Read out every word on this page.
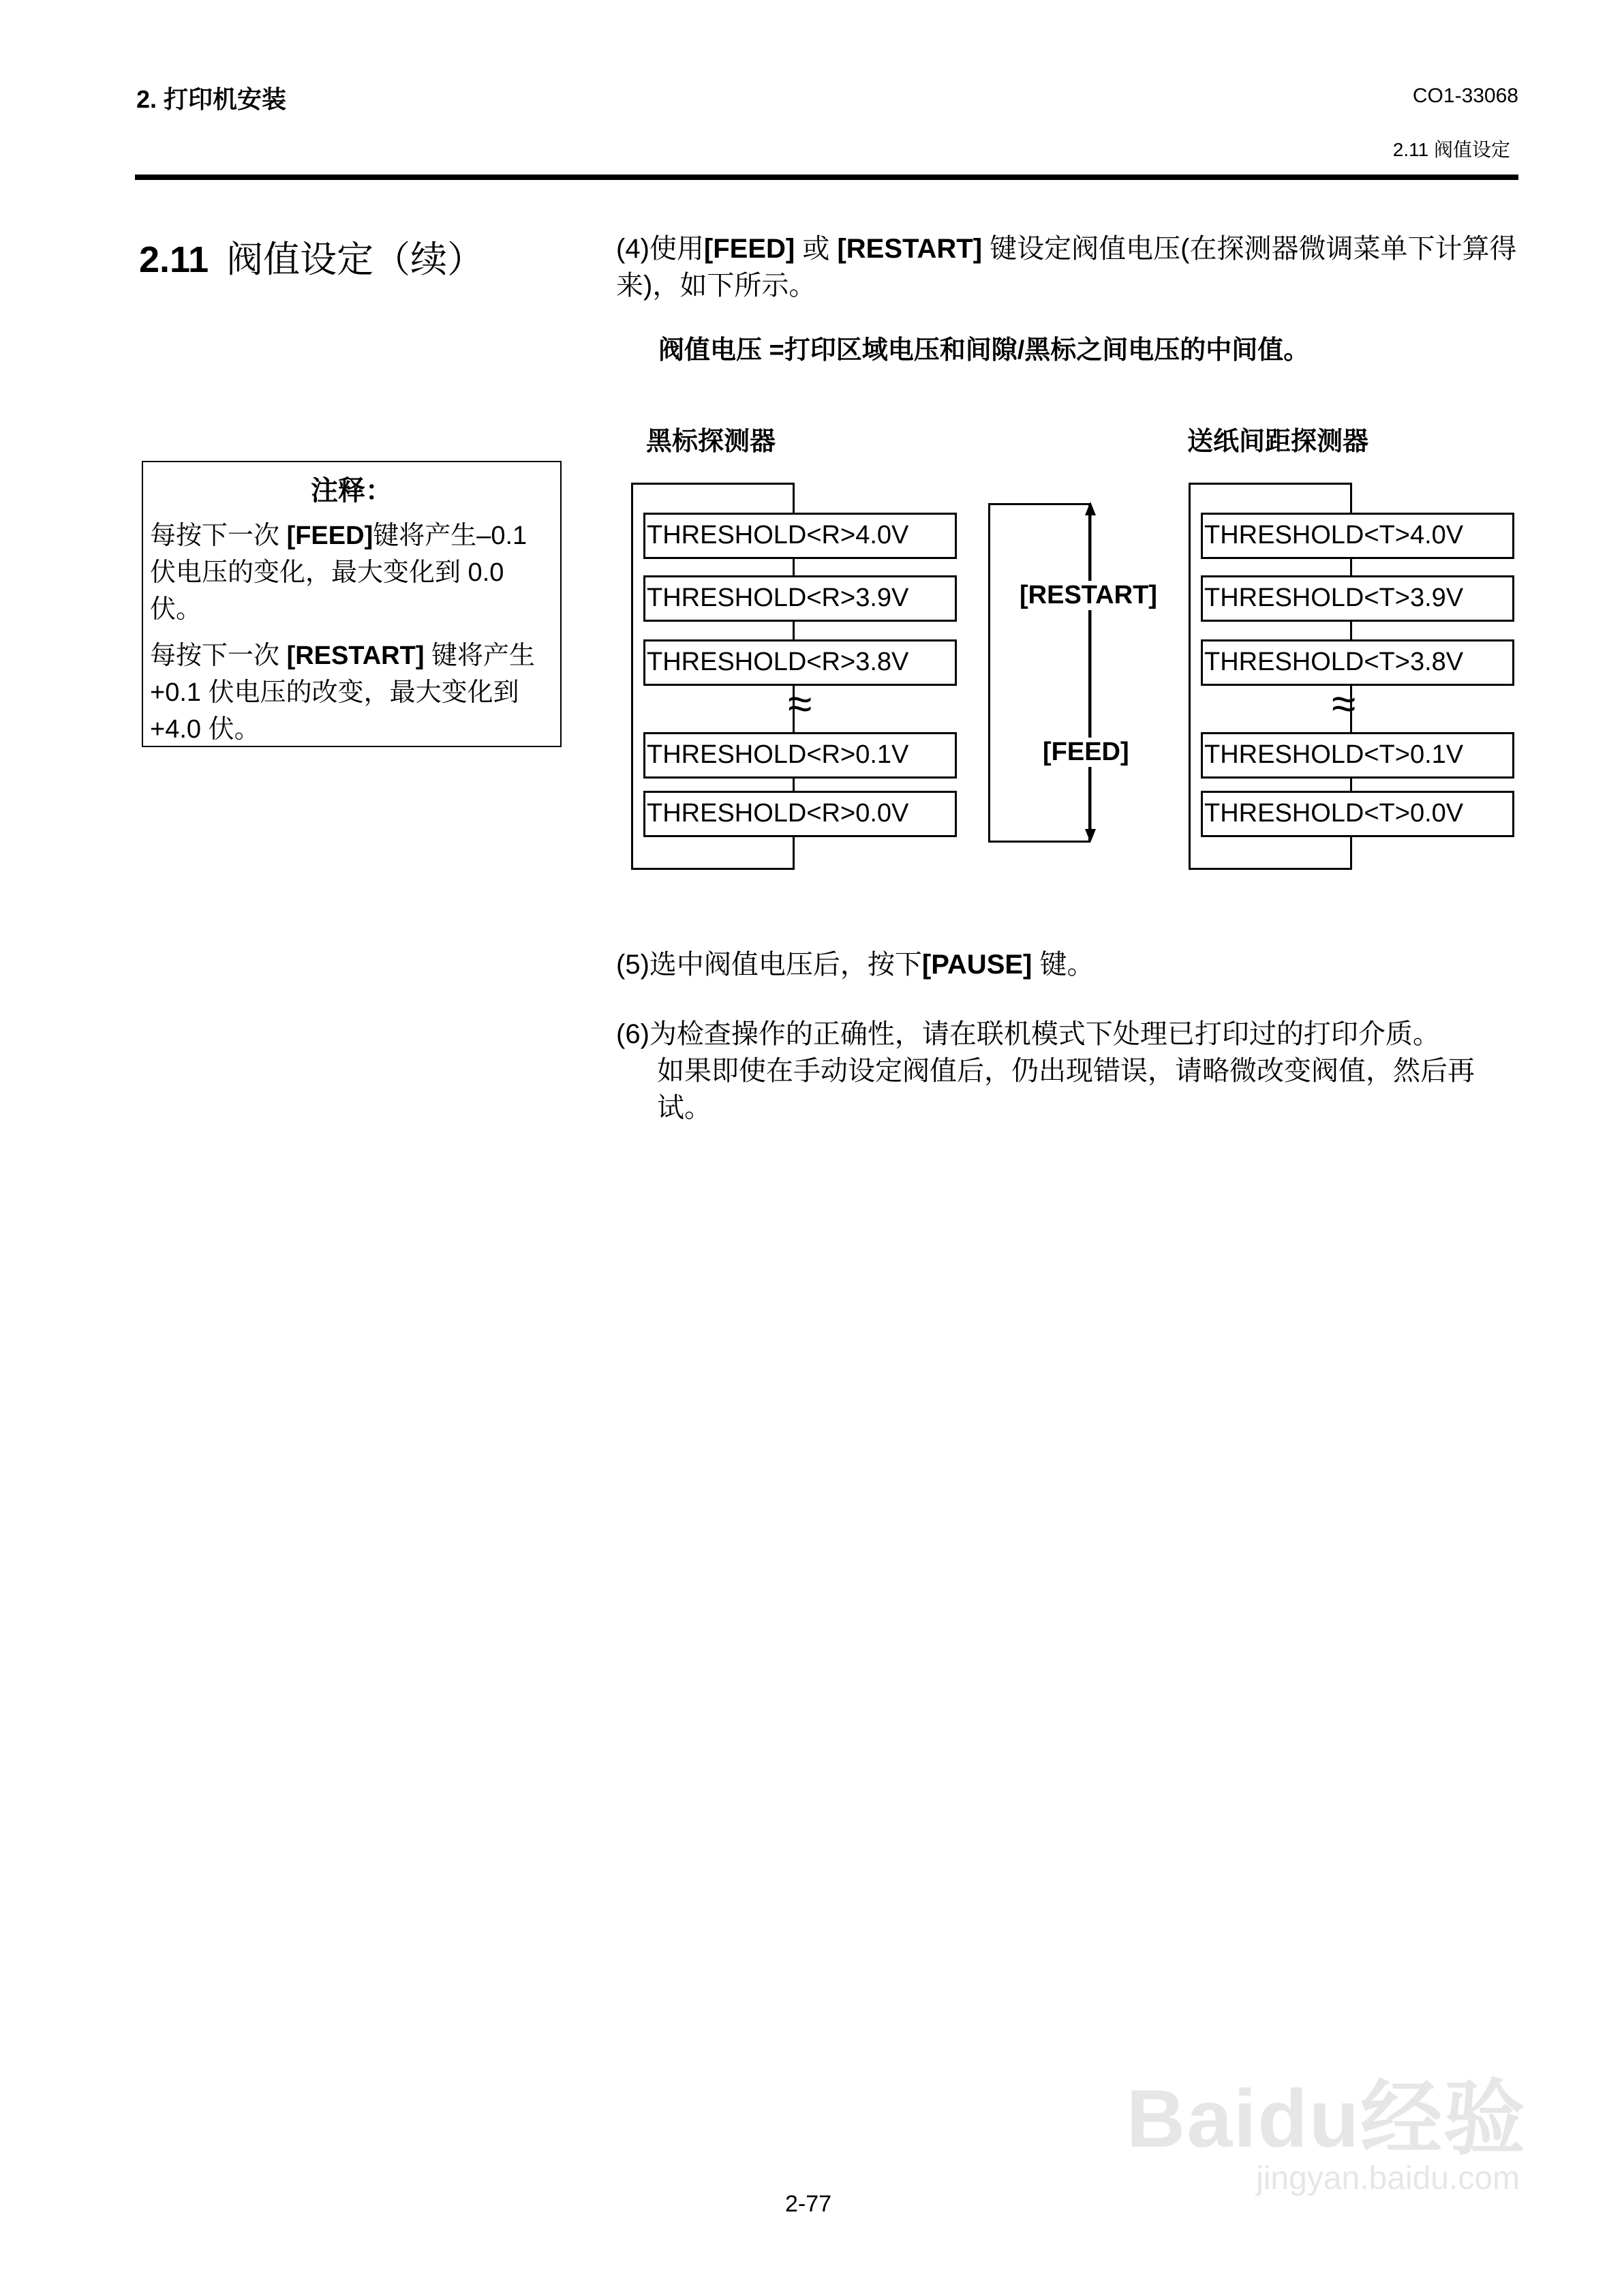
2. 打印机安装	CO1-33068
2.11 阀值设定
2.11 阀值设定（续）
注释：

每按下一次 [FEED]键将产生–0.1 伏电压的变化，最大变化到 0.0 伏。

每按下一次 [RESTART] 键将产生+0.1 伏电压的改变，最大变化到+4.0 伏。

(4)使用[FEED] 或 [RESTART] 键设定阀值电压(在探测器微调菜单下计算得来)，如下所示。
阀值电压 =打印区域电压和间隙/黑标之间电压的中间值。
黑标探测器	送纸间距探测器
THRESHOLD<R>4.0V
THRESHOLD<R>3.9V
THRESHOLD<R>3.8V
≈
THRESHOLD<R>0.1V
THRESHOLD<R>0.0V
[RESTART]
[FEED]
THRESHOLD<T>4.0V
THRESHOLD<T>3.9V
THRESHOLD<T>3.8V
≈
THRESHOLD<T>0.1V
THRESHOLD<T>0.0V
(5)选中阀值电压后，按下[PAUSE] 键。
(6)为检查操作的正确性，请在联机模式下处理已打印过的打印介质。
如果即使在手动设定阀值后，仍出现错误，请略微改变阀值，然后再试。
2-77
Baidu经验
jingyan.baidu.com
